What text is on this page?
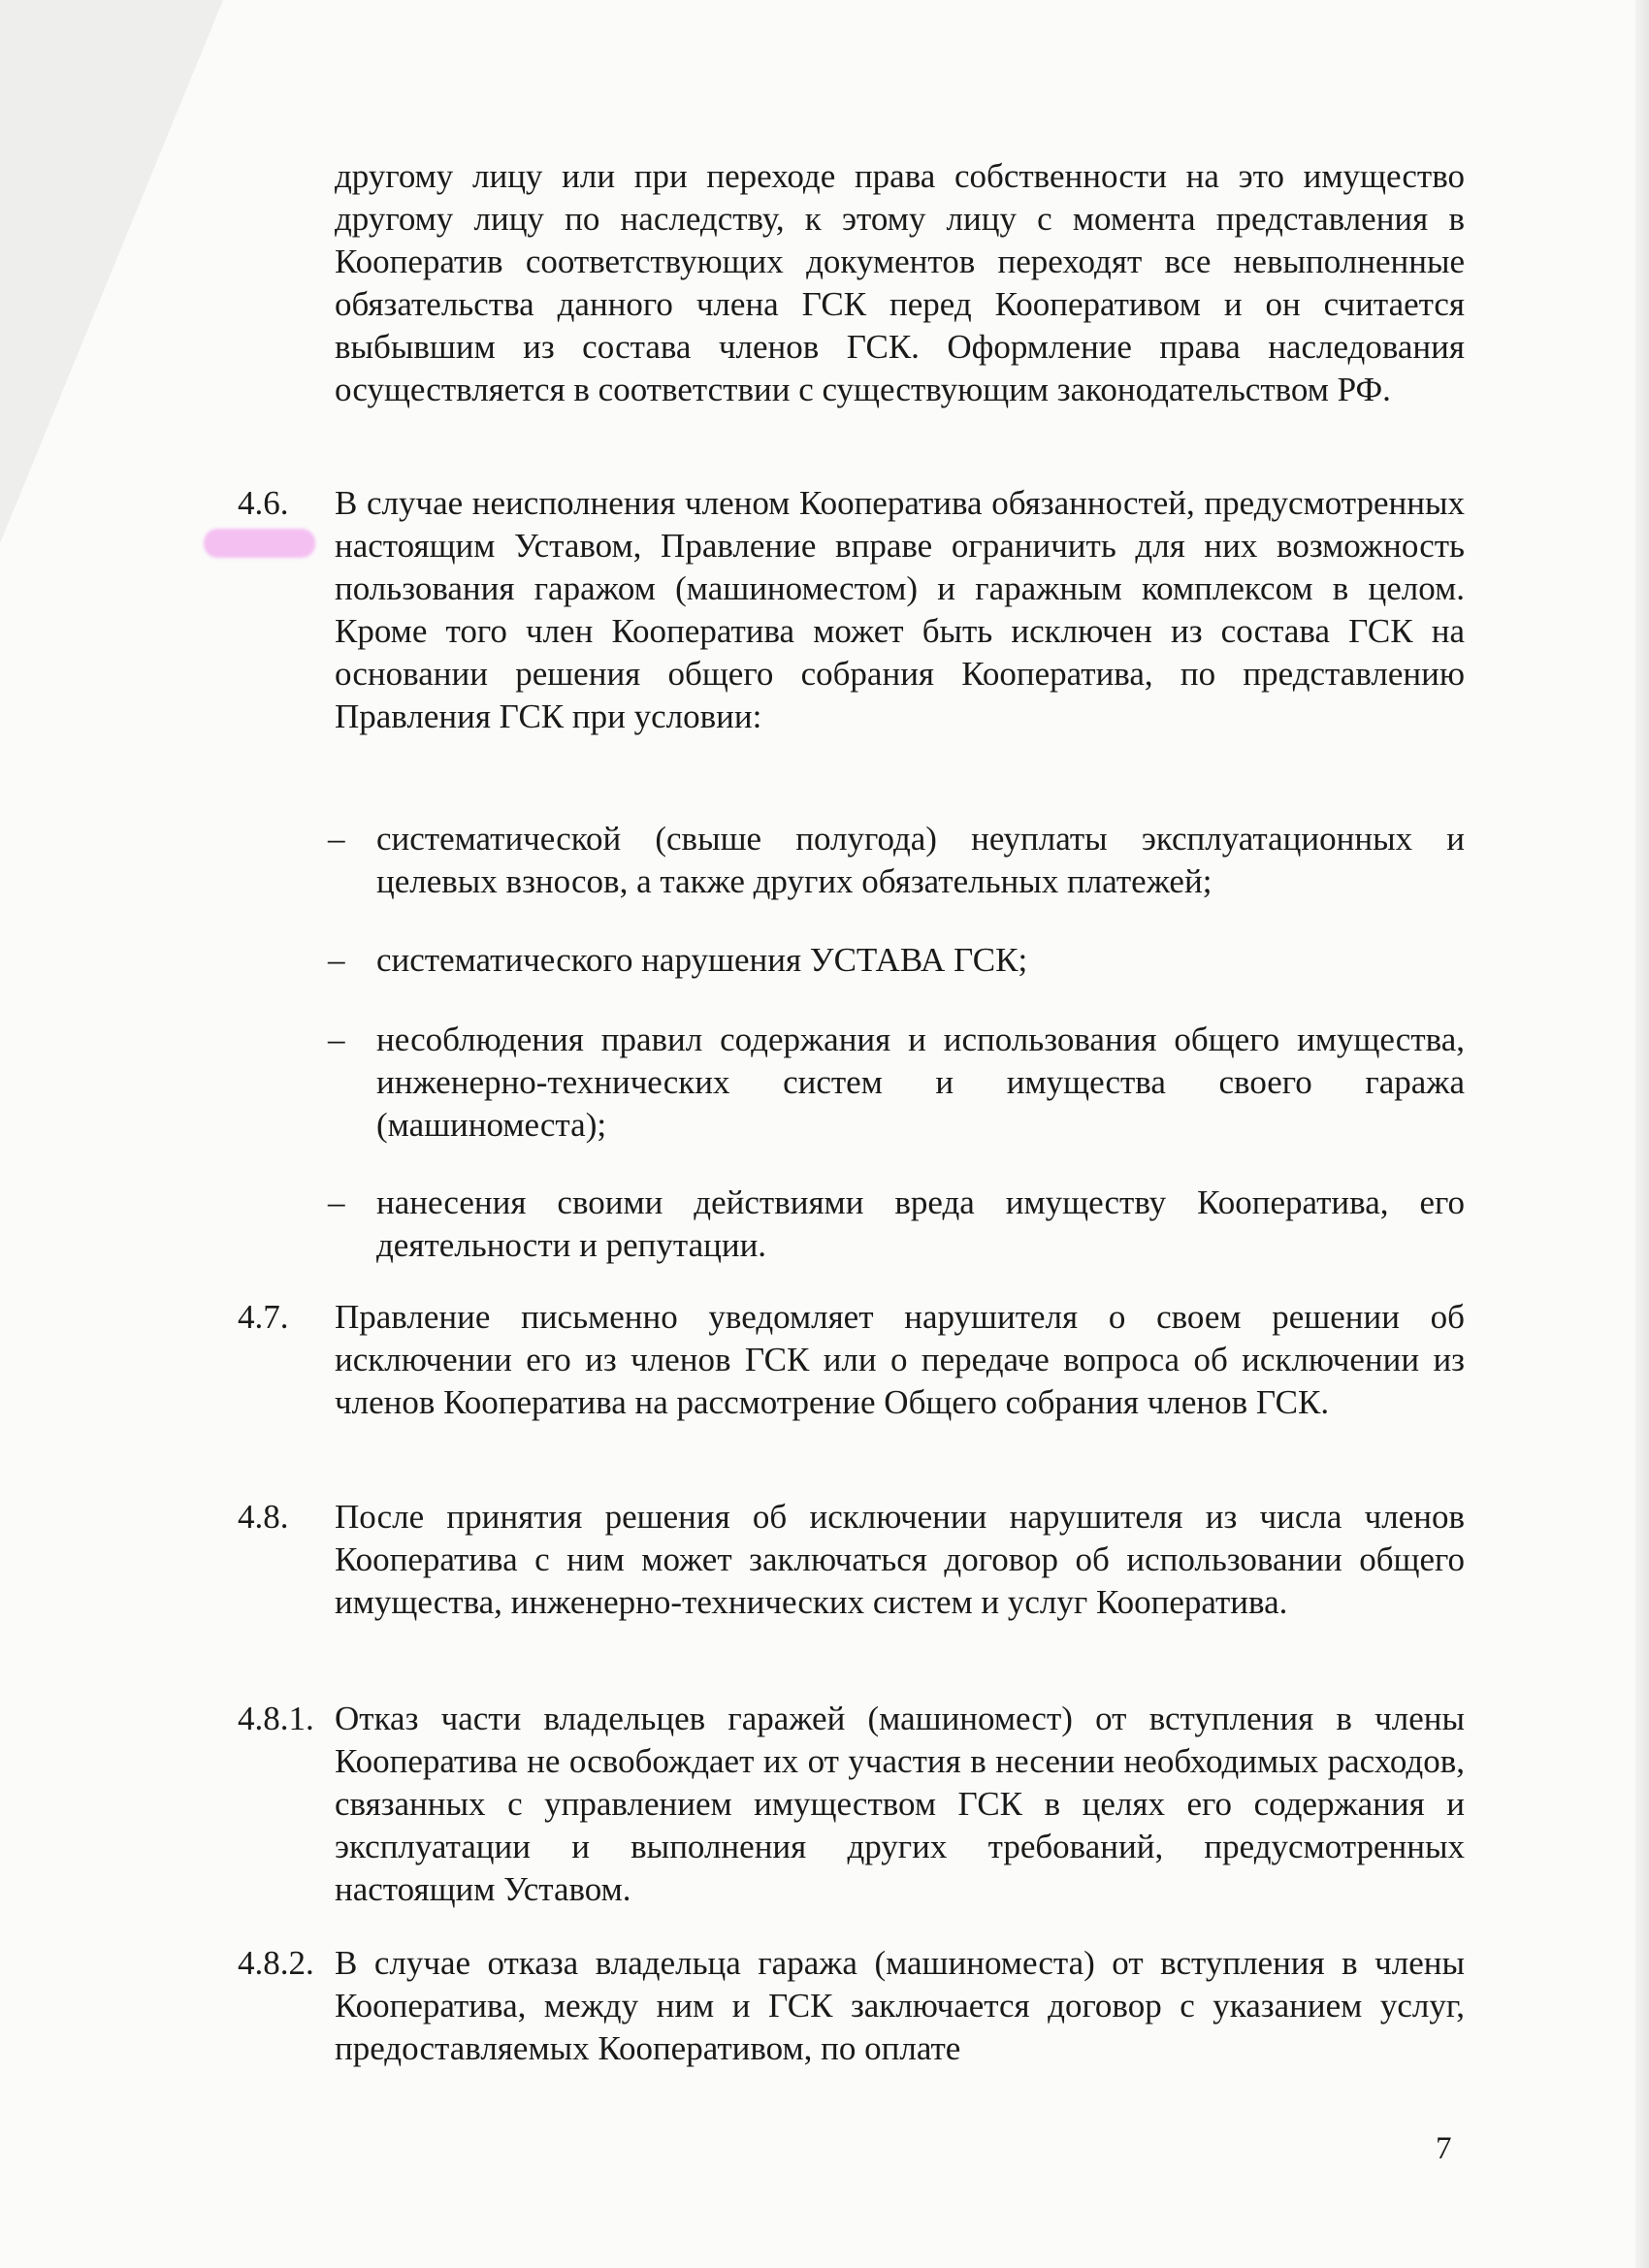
другому лицу или при переходе права собственности на это имущество другому лицу по наследству, к этому лицу с момента представления в Кооператив соответствующих документов переходят все невыполненные обязательства данного члена ГСК перед Кооперативом и он считается выбывшим из состава членов ГСК. Оформление права наследования осуществляется в соответствии с существующим законодательством РФ.
4.6.	В случае неисполнения членом Кооператива обязанностей, предусмотренных настоящим Уставом, Правление вправе ограничить для них возможность пользования гаражом (машиноместом) и гаражным комплексом в целом. Кроме того член Кооператива может быть исключен из состава ГСК на основании решения общего собрания Кооператива, по представлению Правления ГСК при условии:
– систематической (свыше полугода) неуплаты эксплуатационных и целевых взносов, а также других обязательных платежей;
– систематического нарушения УСТАВА ГСК;
– несоблюдения правил содержания и использования общего имущества, инженерно-технических систем и имущества своего гаража (машиноместа);
– нанесения своими действиями вреда имуществу Кооператива, его деятельности и репутации.
4.7.	Правление письменно уведомляет нарушителя о своем решении об исключении его из членов ГСК или о передаче вопроса об исключении из членов Кооператива на рассмотрение Общего собрания членов ГСК.
4.8.	После принятия решения об исключении нарушителя из числа членов Кооператива с ним может заключаться договор об использовании общего имущества, инженерно-технических систем и услуг Кооператива.
4.8.1. Отказ части владельцев гаражей (машиномест) от вступления в члены Кооператива не освобождает их от участия в несении необходимых расходов, связанных с управлением имуществом ГСК в целях его содержания и эксплуатации и выполнения других требований, предусмотренных настоящим Уставом.
4.8.2. В случае отказа владельца гаража (машиноместа) от вступления в члены Кооператива, между ним и ГСК заключается договор с указанием услуг, предоставляемых Кооперативом, по оплате
7
